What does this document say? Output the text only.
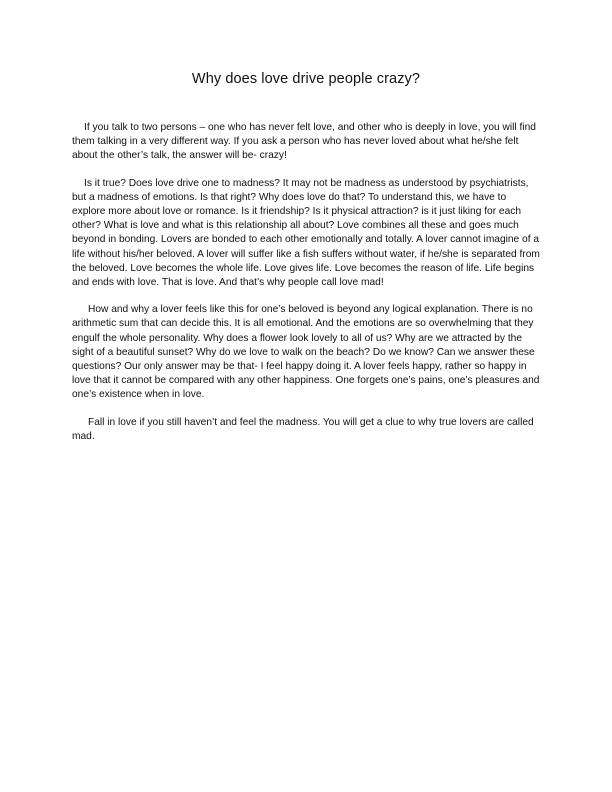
Why does love drive people crazy?

If you talk to two persons – one who has never felt love, and other who is deeply in love, you will find them talking in a very different way. If you ask a person who has never loved about what he/she felt about the other’s talk, the answer will be- crazy!

Is it true? Does love drive one to madness? It may not be madness as understood by psychiatrists, but a madness of emotions. Is that right? Why does love do that? To understand this, we have to explore more about love or romance. Is it friendship? Is it physical attraction? is it just liking for each other? What is love and what is this relationship all about? Love combines all these and goes much beyond in bonding. Lovers are bonded to each other emotionally and totally. A lover cannot imagine of a life without his/her beloved. A lover will suffer like a fish suffers without water, if he/she is separated from the beloved. Love becomes the whole life. Love gives life. Love becomes the reason of life. Life begins and ends with love. That is love. And that’s why people call love mad!

How and why a lover feels like this for one’s beloved is beyond any logical explanation. There is no arithmetic sum that can decide this. It is all emotional. And the emotions are so overwhelming that they engulf the whole personality. Why does a flower look lovely to all of us? Why are we attracted by the sight of a beautiful sunset? Why do we love to walk on the beach? Do we know? Can we answer these questions? Our only answer may be that- I feel happy doing it. A lover feels happy, rather so happy in love that it cannot be compared with any other happiness. One forgets one’s pains, one’s pleasures and one’s existence when in love.

Fall in love if you still haven’t and feel the madness. You will get a clue to why true lovers are called mad.
